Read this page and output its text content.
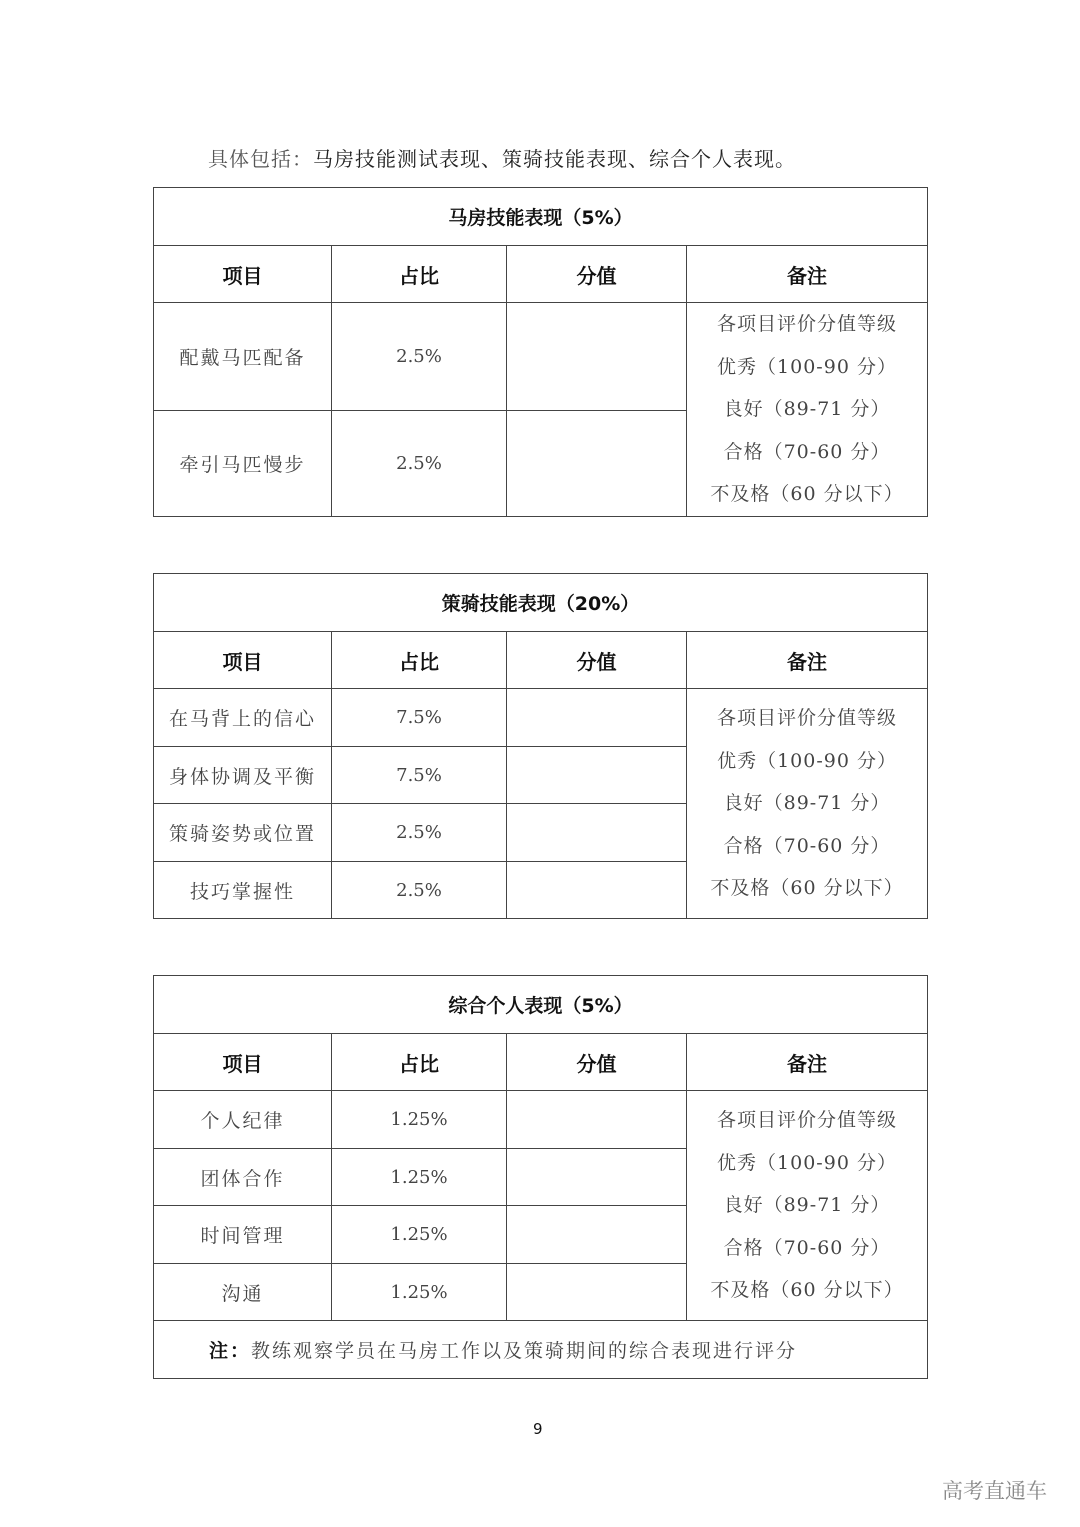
具体包括：马房技能测试表现、策骑技能表现、综合个人表现。
马房技能表现（5%）			
项目	占比	分值	备注
配戴马匹配备	2.5%		各项目评价分值等级
优秀（100-90 分）
良好（89-71 分）
合格（70-60 分）
不及格（60 分以下）

牵引马匹慢步	2.5%		
策骑技能表现（20%）			
项目	占比	分值	备注
在马背上的信心	7.5%		各项目评价分值等级
优秀（100-90 分）
良好（89-71 分）
合格（70-60 分）
不及格（60 分以下）

身体协调及平衡	7.5%		
策骑姿势或位置	2.5%		
技巧掌握性	2.5%		
综合个人表现（5%）			
项目	占比	分值	备注
个人纪律	1.25%		各项目评价分值等级
优秀（100-90 分）
良好（89-71 分）
合格（70-60 分）
不及格（60 分以下）

团体合作	1.25%		
时间管理	1.25%		
沟通	1.25%		
注：教练观察学员在马房工作以及策骑期间的综合表现进行评分			
9
高考直通车
